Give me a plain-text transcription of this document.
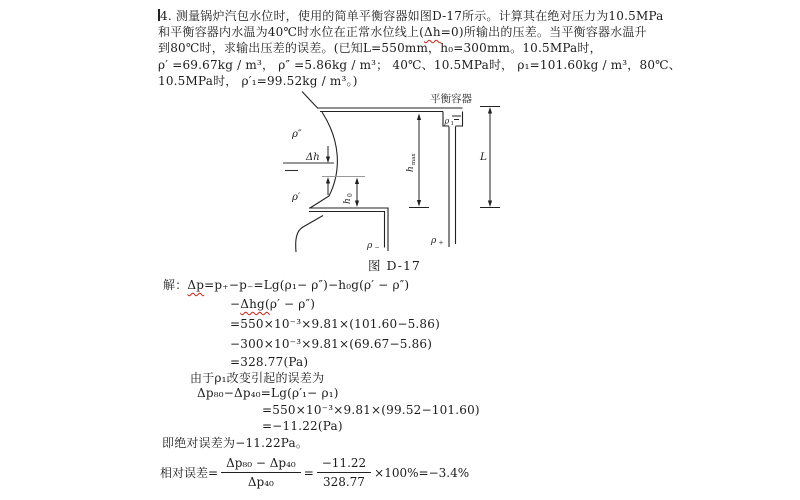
4. 测量锅炉汽包水位时，使用的简单平衡容器如图D-17所示。计算其在绝对压力为10.5MPa
和平衡容器内水温为40℃时水位在正常水位线上(Δh=0)所输出的压差。当平衡容器水温升
到80℃时，求输出压差的误差。(已知L=550mm，h₀=300mm。10.5MPa时，
ρ′ =69.67kg / m³， ρ″ =5.86kg / m³； 40℃、10.5MPa时， ρ₁=101.60kg / m³，80℃、
10.5MPa时， ρ′₁=99.52kg / m³。)
平衡容器
ρ″
ρ′
Δh
h
0
h
max	L
ρ 1
ρ −
ρ +
图 D-17
解：Δp=p₊−p₋=Lg(ρ₁− ρ″)−h₀g(ρ′ − ρ″)
−Δhg(ρ′ − ρ″)
=550×10⁻³×9.81×(101.60−5.86)
−300×10⁻³×9.81×(69.67−5.86)
=328.77(Pa)
由于ρ₁改变引起的误差为
Δp₈₀−Δp₄₀=Lg(ρ′₁− ρ₁)
=550×10⁻³×9.81×(99.52−101.60)
=−11.22(Pa)
即绝对误差为−11.22Pa。
相对误差= $\frac{\text{Δp₈₀ − Δp₄₀}}{\text{Δp₄₀}} = \frac{-11.22}{328.77} \times 100\%=-3.4\%$
